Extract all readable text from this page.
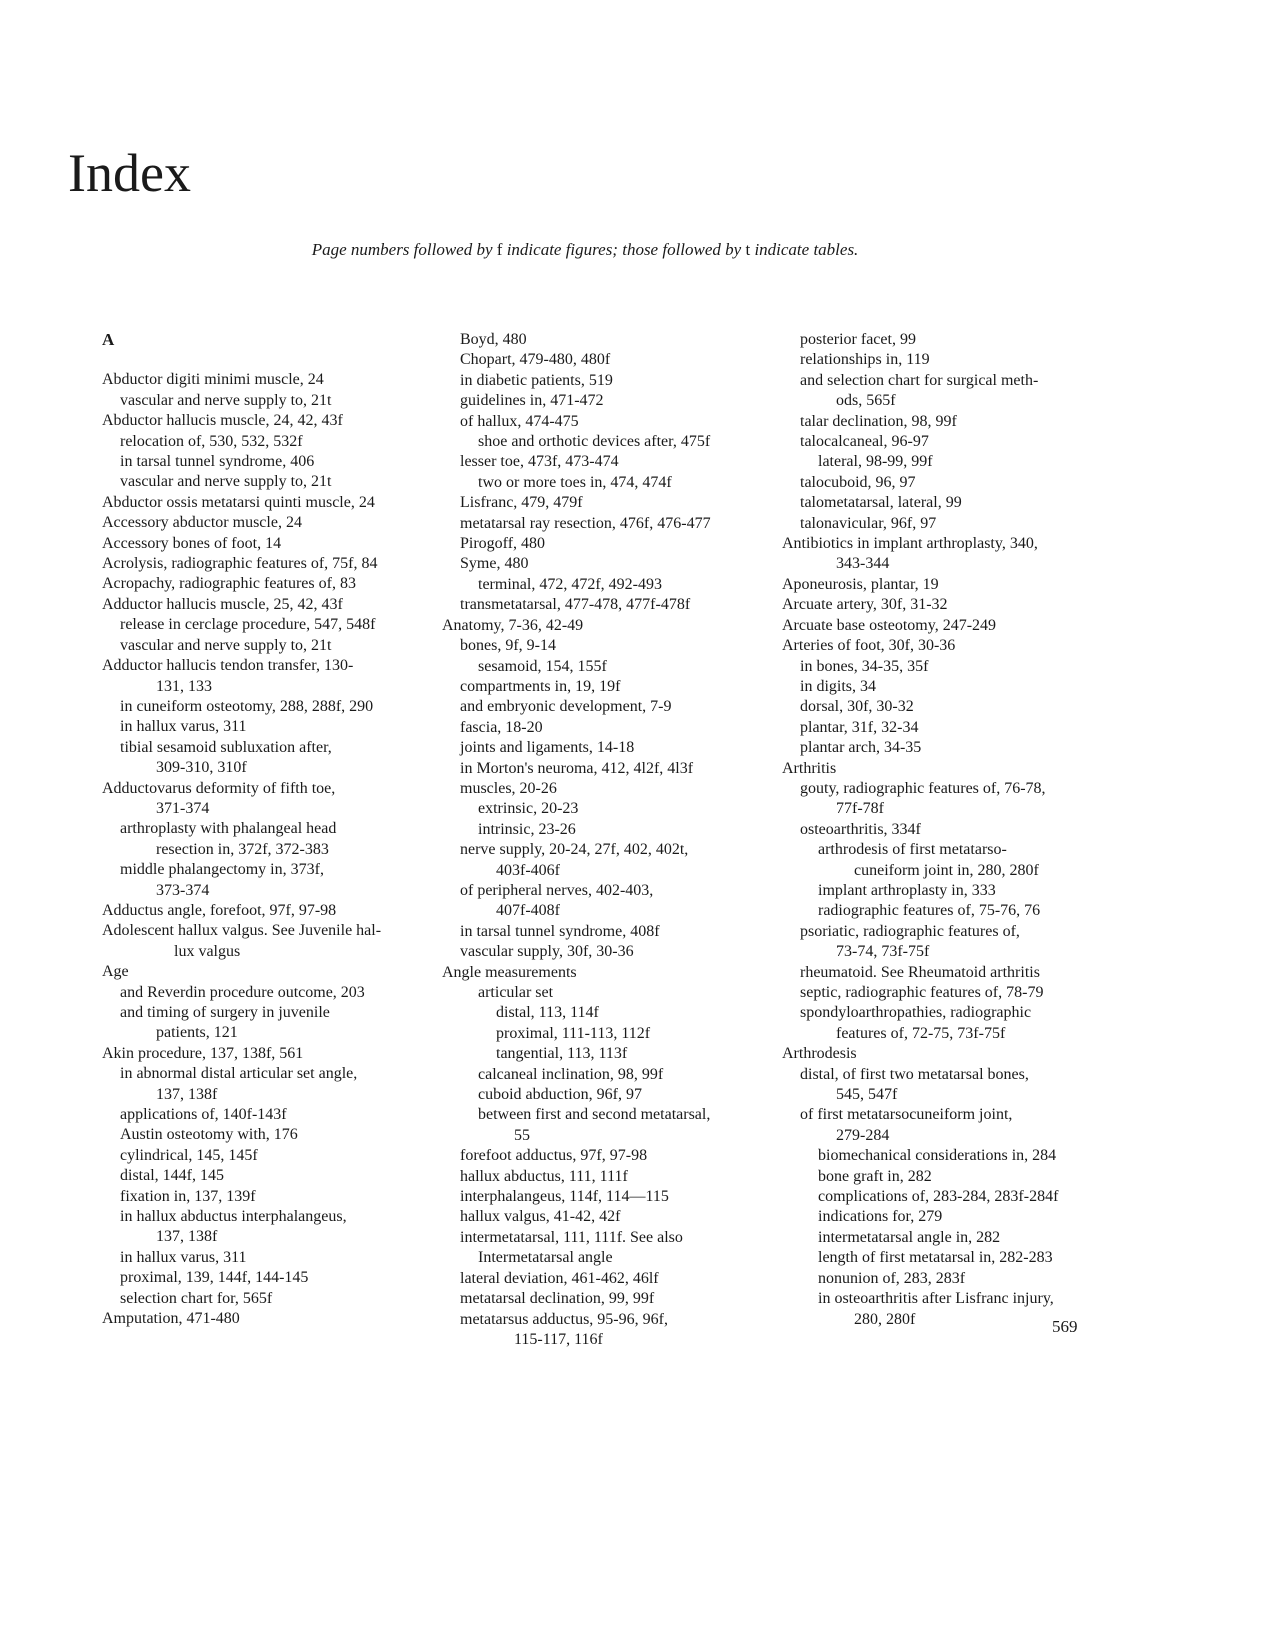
Index
Page numbers followed by f indicate figures; those followed by t indicate tables.
A
Abductor digiti minimi muscle, 24
vascular and nerve supply to, 21t
Abductor hallucis muscle, 24, 42, 43f
relocation of, 530, 532, 532f
in tarsal tunnel syndrome, 406
vascular and nerve supply to, 21t
Abductor ossis metatarsi quinti muscle, 24
Accessory abductor muscle, 24
Accessory bones of foot, 14
Acrolysis, radiographic features of, 75f, 84
Acropachy, radiographic features of, 83
Adductor hallucis muscle, 25, 42, 43f
release in cerclage procedure, 547, 548f
vascular and nerve supply to, 21t
Adductor hallucis tendon transfer, 130-
131, 133
in cuneiform osteotomy, 288, 288f, 290
in hallux varus, 311
tibial sesamoid subluxation after,
309-310, 310f
Adductovarus deformity of fifth toe,
371-374
arthroplasty with phalangeal head
resection in, 372f, 372-383
middle phalangectomy in, 373f,
373-374
Adductus angle, forefoot, 97f, 97-98
Adolescent hallux valgus. See Juvenile hal-
lux valgus
Age
and Reverdin procedure outcome, 203
and timing of surgery in juvenile
patients, 121
Akin procedure, 137, 138f, 561
in abnormal distal articular set angle,
137, 138f
applications of, 140f-143f
Austin osteotomy with, 176
cylindrical, 145, 145f
distal, 144f, 145
fixation in, 137, 139f
in hallux abductus interphalangeus,
137, 138f
in hallux varus, 311
proximal, 139, 144f, 144-145
selection chart for, 565f
Amputation, 471-480
Boyd, 480
Chopart, 479-480, 480f
in diabetic patients, 519
guidelines in, 471-472
of hallux, 474-475
shoe and orthotic devices after, 475f
lesser toe, 473f, 473-474
two or more toes in, 474, 474f
Lisfranc, 479, 479f
metatarsal ray resection, 476f, 476-477
Pirogoff, 480
Syme, 480
terminal, 472, 472f, 492-493
transmetatarsal, 477-478, 477f-478f
Anatomy, 7-36, 42-49
bones, 9f, 9-14
sesamoid, 154, 155f
compartments in, 19, 19f
and embryonic development, 7-9
fascia, 18-20
joints and ligaments, 14-18
in Morton's neuroma, 412, 4l2f, 4l3f
muscles, 20-26
extrinsic, 20-23
intrinsic, 23-26
nerve supply, 20-24, 27f, 402, 402t,
403f-406f
of peripheral nerves, 402-403,
407f-408f
in tarsal tunnel syndrome, 408f
vascular supply, 30f, 30-36
Angle measurements
articular set
distal, 113, 114f
proximal, 111-113, 112f
tangential, 113, 113f
calcaneal inclination, 98, 99f
cuboid abduction, 96f, 97
between first and second metatarsal,
55
forefoot adductus, 97f, 97-98
hallux abductus, 111, 111f
interphalangeus, 114f, 114—115
hallux valgus, 41-42, 42f
intermetatarsal, 111, 111f. See also
Intermetatarsal angle
lateral deviation, 461-462, 46lf
metatarsal declination, 99, 99f
metatarsus adductus, 95-96, 96f,
115-117, 116f
posterior facet, 99
relationships in, 119
and selection chart for surgical meth-
ods, 565f
talar declination, 98, 99f
talocalcaneal, 96-97
lateral, 98-99, 99f
talocuboid, 96, 97
talometatarsal, lateral, 99
talonavicular, 96f, 97
Antibiotics in implant arthroplasty, 340,
343-344
Aponeurosis, plantar, 19
Arcuate artery, 30f, 31-32
Arcuate base osteotomy, 247-249
Arteries of foot, 30f, 30-36
in bones, 34-35, 35f
in digits, 34
dorsal, 30f, 30-32
plantar, 31f, 32-34
plantar arch, 34-35
Arthritis
gouty, radiographic features of, 76-78,
77f-78f
osteoarthritis, 334f
arthrodesis of first metatarso-
cuneiform joint in, 280, 280f
implant arthroplasty in, 333
radiographic features of, 75-76, 76
psoriatic, radiographic features of,
73-74, 73f-75f
rheumatoid. See Rheumatoid arthritis
septic, radiographic features of, 78-79
spondyloarthropathies, radiographic
features of, 72-75, 73f-75f
Arthrodesis
distal, of first two metatarsal bones,
545, 547f
of first metatarsocuneiform joint,
279-284
biomechanical considerations in, 284
bone graft in, 282
complications of, 283-284, 283f-284f
indications for, 279
intermetatarsal angle in, 282
length of first metatarsal in, 282-283
nonunion of, 283, 283f
in osteoarthritis after Lisfranc injury,
280, 280f	569
